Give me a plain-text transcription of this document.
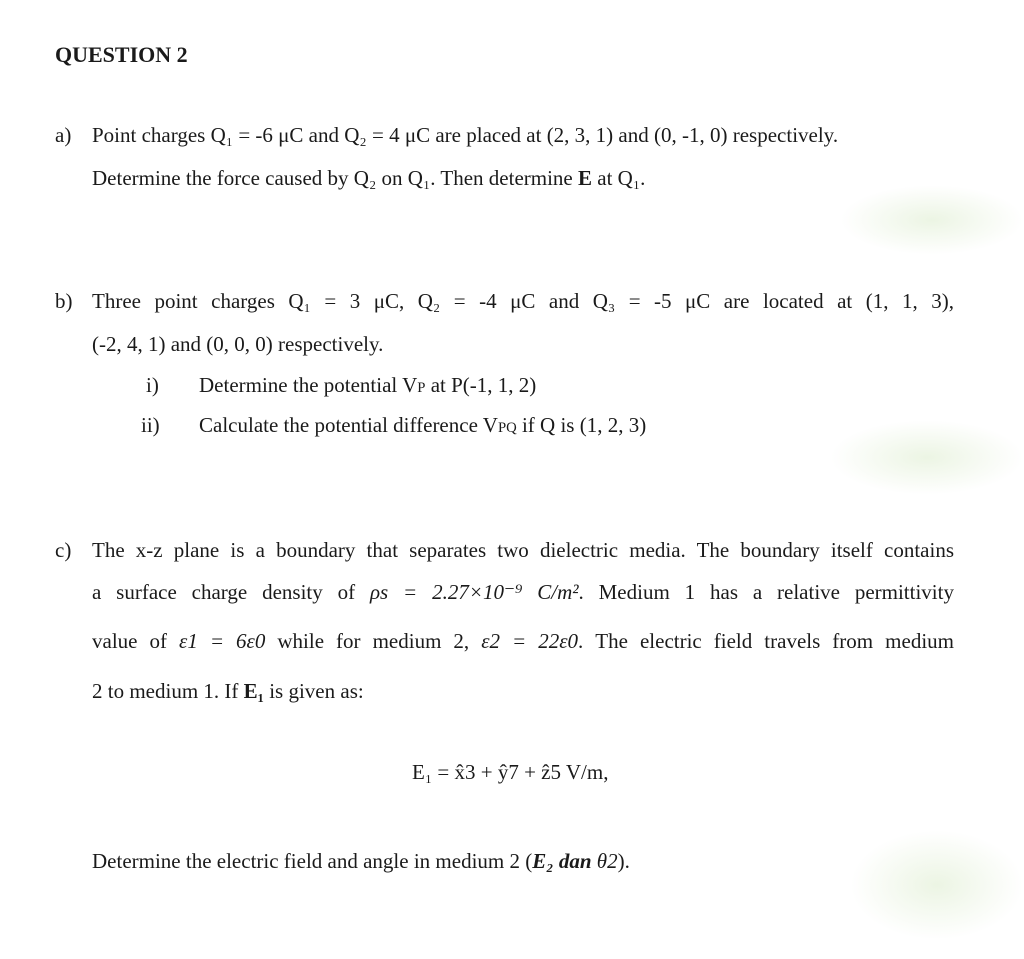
QUESTION 2
a) Point charges Q₁ = -6 μC and Q₂ = 4 μC are placed at (2, 3, 1) and (0, -1, 0) respectively.
Determine the force caused by Q₂ on Q₁. Then determine E at Q₁.
b) Three point charges Q₁ = 3 μC, Q₂ = -4 μC and Q₃ = -5 μC are located at (1, 1, 3),
(-2, 4, 1) and (0, 0, 0) respectively.
i) Determine the potential VP at P(-1, 1, 2)
ii) Calculate the potential difference VPQ if Q is (1, 2, 3)
c) The x-z plane is a boundary that separates two dielectric media. The boundary itself contains
a surface charge density of ρs = 2.27×10⁻⁹ C/m². Medium 1 has a relative permittivity
value of ε1 = 6ε0 while for medium 2, ε2 = 22ε0. The electric field travels from medium
2 to medium 1. If E₁ is given as:
E₁ = x̂3 + ŷ7 + ẑ5 V/m,
Determine the electric field and angle in medium 2 (E₂ dan θ2).
